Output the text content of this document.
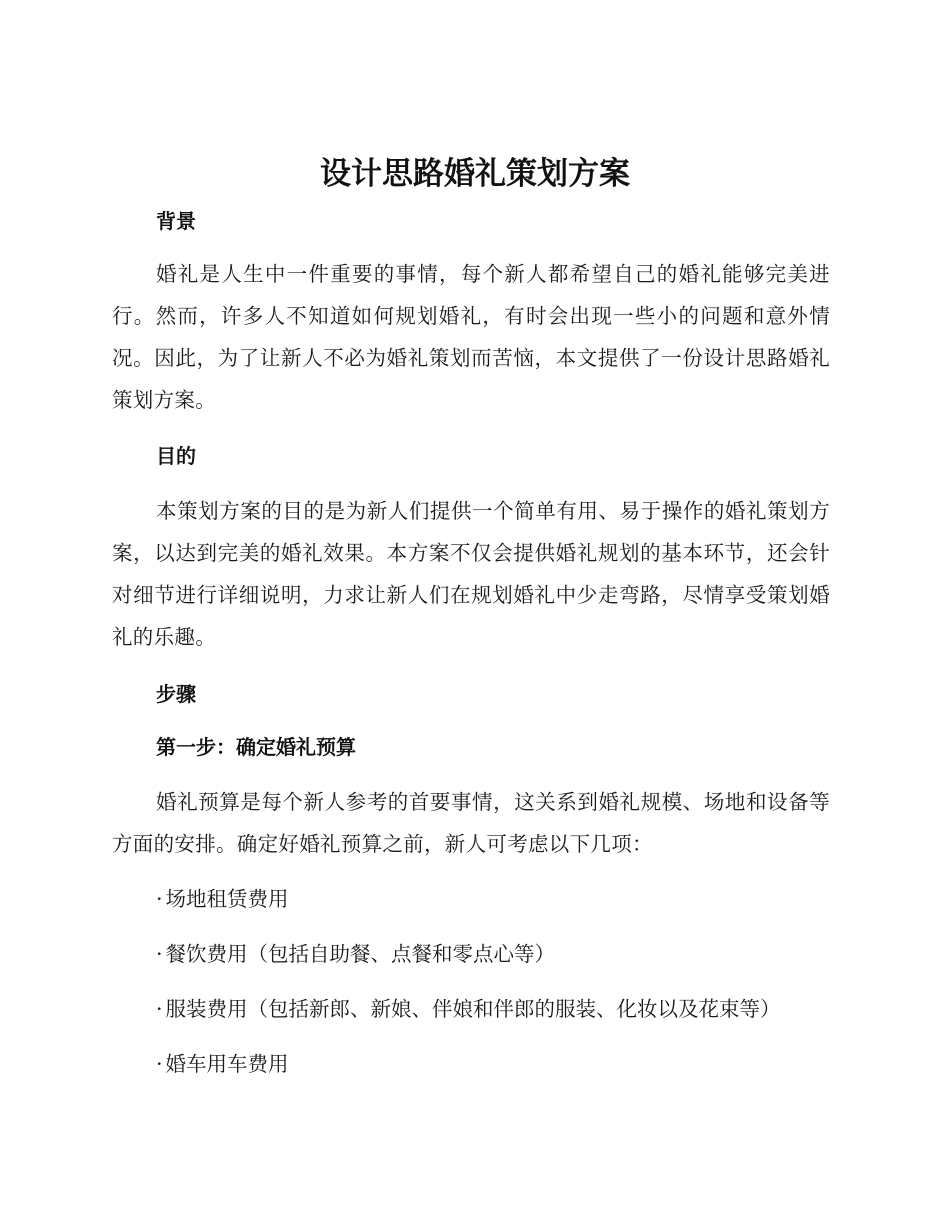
设计思路婚礼策划方案
背景

婚礼是人生中一件重要的事情，每个新人都希望自己的婚礼能够完美进行。然而，许多人不知道如何规划婚礼，有时会出现一些小的问题和意外情况。因此，为了让新人不必为婚礼策划而苦恼，本文提供了一份设计思路婚礼策划方案。

目的

本策划方案的目的是为新人们提供一个简单有用、易于操作的婚礼策划方案，以达到完美的婚礼效果。本方案不仅会提供婚礼规划的基本环节，还会针对细节进行详细说明，力求让新人们在规划婚礼中少走弯路，尽情享受策划婚礼的乐趣。

步骤
第一步：确定婚礼预算

婚礼预算是每个新人参考的首要事情，这关系到婚礼规模、场地和设备等方面的安排。确定好婚礼预算之前，新人可考虑以下几项：

· 场地租赁费用

· 餐饮费用（包括自助餐、点餐和零点心等）

· 服装费用（包括新郎、新娘、伴娘和伴郎的服装、化妆以及花束等）

· 婚车用车费用
